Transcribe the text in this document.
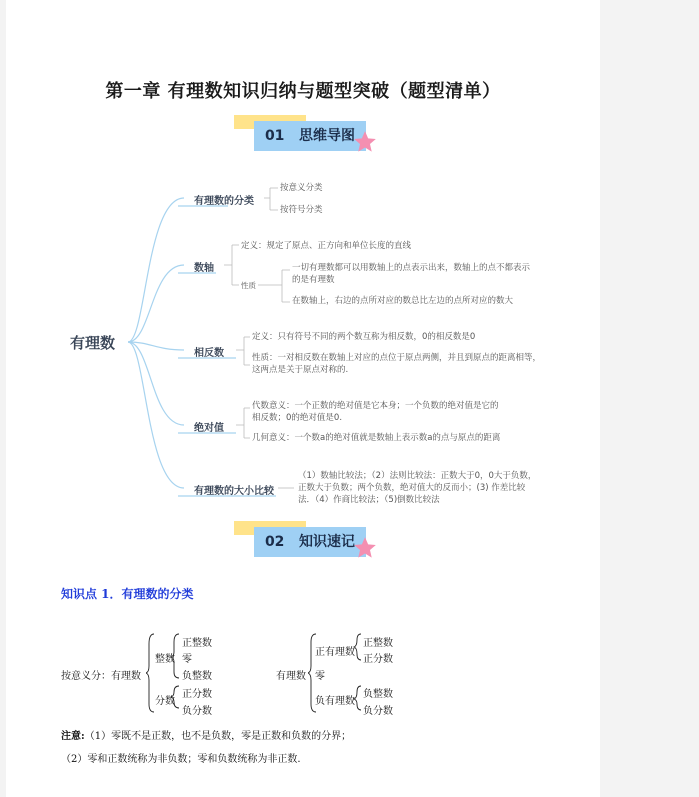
第一章 有理数知识归纳与题型突破（题型清单）
01 思维导图
有理数
有理数的分类
按意义分类
按符号分类
数轴
定义：规定了原点、正方向和单位长度的直线
性质
一切有理数都可以用数轴上的点表示出来，数轴上的点不都表示的是有理数
在数轴上，右边的点所对应的数总比左边的点所对应的数大
相反数
定义：只有符号不同的两个数互称为相反数，0的相反数是0
性质：一对相反数在数轴上对应的点位于原点两侧，并且到原点的距离相等，这两点是关于原点对称的.
绝对值
代数意义：一个正数的绝对值是它本身；一个负数的绝对值是它的相反数；0的绝对值是0.
几何意义：一个数a的绝对值就是数轴上表示数a的点与原点的距离
有理数的大小比较
（1）数轴比较法；（2）法则比较法：正数大于0，0大于负数，正数大于负数；两个负数，绝对值大的反而小；(3) 作差比较法．（4）作商比较法；（5)倒数比较法
02 知识速记
知识点 1．有理数的分类
按意义分：有理数
整数
正整数
零
负整数
分数
正分数
负分数
有理数
正有理数
正整数
正分数
零
负有理数
负整数
负分数
注意:（1）零既不是正数，也不是负数，零是正数和负数的分界；
（2）零和正数统称为非负数；零和负数统称为非正数.
